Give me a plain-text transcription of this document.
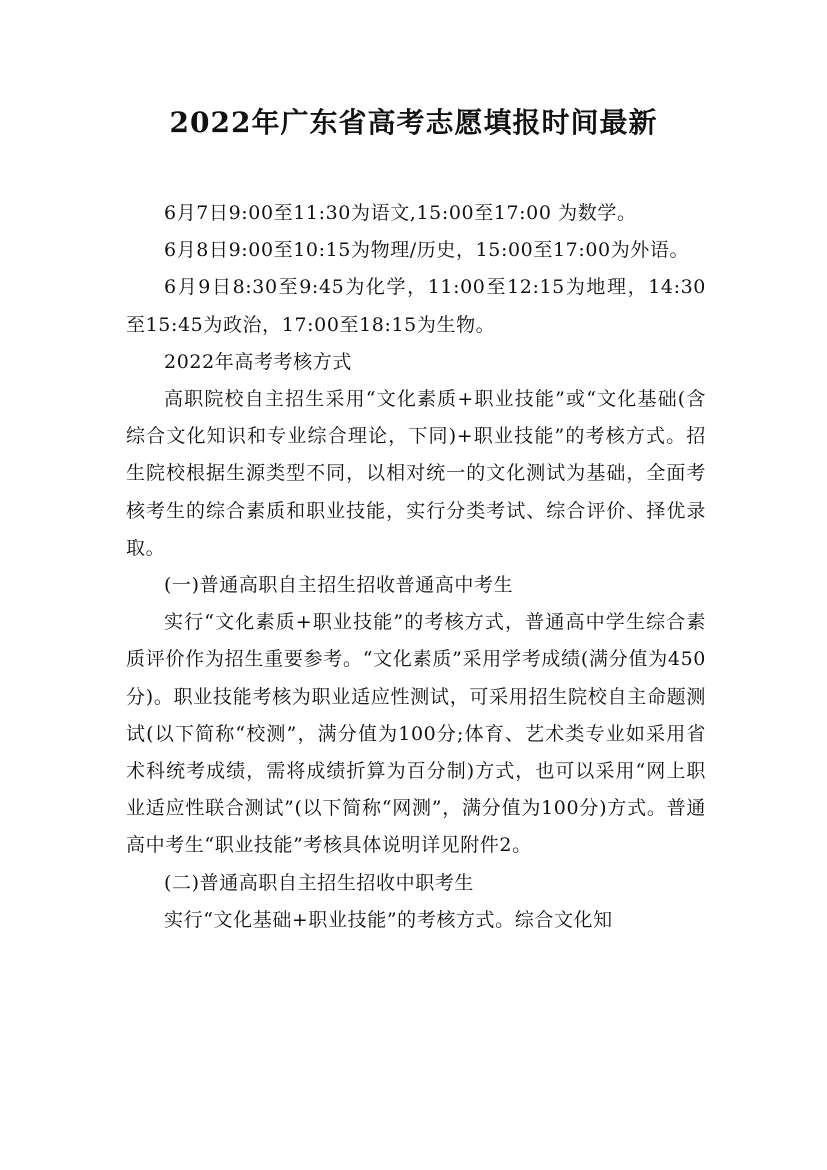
2022年广东省高考志愿填报时间最新

6月7日9:00至11:30为语文,15:00至17:00 为数学。

6月8日9:00至10:15为物理/历史，15:00至17:00为外语。

6月9日8:30至9:45为化学，11:00至12:15为地理，14:30至15:45为政治，17:00至18:15为生物。

2022年高考考核方式

高职院校自主招生采用“文化素质+职业技能”或“文化基础(含综合文化知识和专业综合理论，下同)+职业技能”的考核方式。招生院校根据生源类型不同，以相对统一的文化测试为基础，全面考核考生的综合素质和职业技能，实行分类考试、综合评价、择优录取。

(一)普通高职自主招生招收普通高中考生

实行“文化素质+职业技能”的考核方式，普通高中学生综合素质评价作为招生重要参考。“文化素质”采用学考成绩(满分值为450分)。职业技能考核为职业适应性测试，可采用招生院校自主命题测试(以下简称“校测”，满分值为100分;体育、艺术类专业如采用省术科统考成绩，需将成绩折算为百分制)方式，也可以采用“网上职业适应性联合测试”(以下简称“网测”，满分值为100分)方式。普通高中考生“职业技能”考核具体说明详见附件2。

(二)普通高职自主招生招收中职考生

实行“文化基础+职业技能”的考核方式。综合文化知
